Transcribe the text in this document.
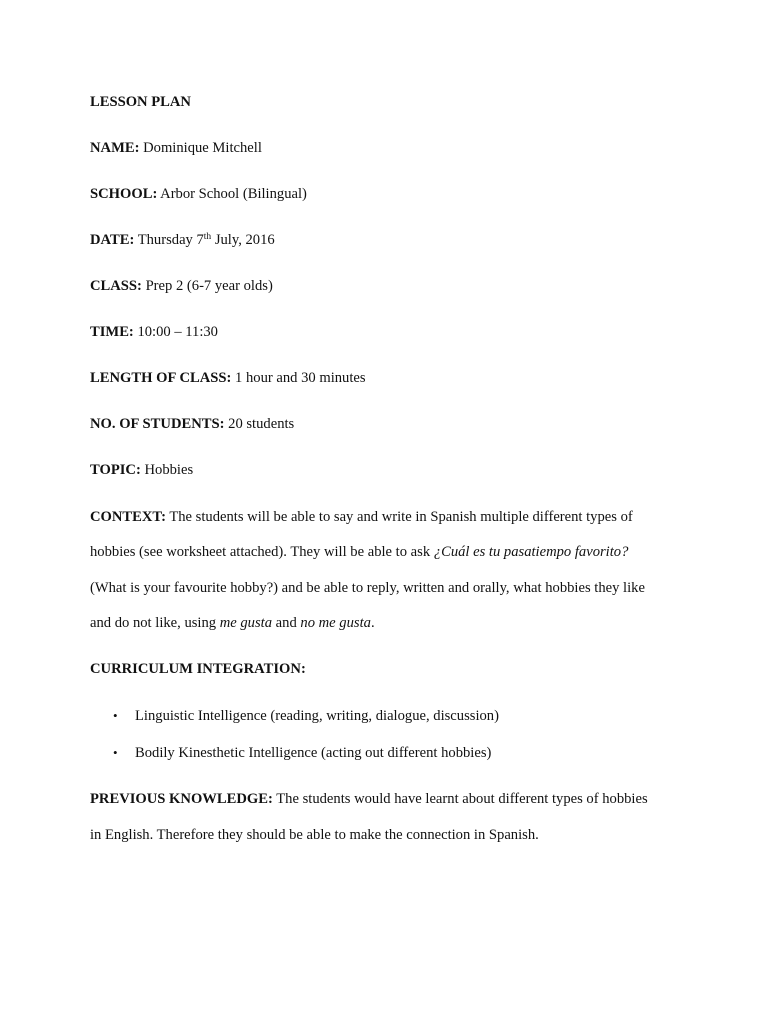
LESSON PLAN
NAME: Dominique Mitchell
SCHOOL: Arbor School (Bilingual)
DATE: Thursday 7th July, 2016
CLASS: Prep 2 (6-7 year olds)
TIME: 10:00 – 11:30
LENGTH OF CLASS: 1 hour and 30 minutes
NO. OF STUDENTS: 20 students
TOPIC: Hobbies
CONTEXT: The students will be able to say and write in Spanish multiple different types of
hobbies (see worksheet attached). They will be able to ask ¿Cuál es tu pasatiempo favorito?
(What is your favourite hobby?) and be able to reply, written and orally, what hobbies they like
and do not like, using me gusta and no me gusta.
CURRICULUM INTEGRATION:
• Linguistic Intelligence (reading, writing, dialogue, discussion)
• Bodily Kinesthetic Intelligence (acting out different hobbies)
PREVIOUS KNOWLEDGE: The students would have learnt about different types of hobbies
in English. Therefore they should be able to make the connection in Spanish.
